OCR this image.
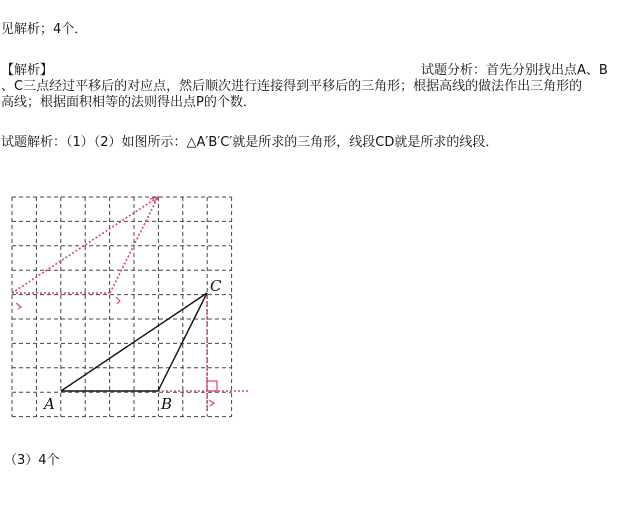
见解析；4个．
【解析】	试题分析：首先分别找出点A、B
、C三点经过平移后的对应点，然后顺次进行连接得到平移后的三角形；根据高线的做法作出三角形的
高线；根据面积相等的法则得出点P的个数．
试题解析：（1）（2）如图所示：△A′B′C′就是所求的三角形，线段CD就是所求的线段．
A	B
C
（3）4个
